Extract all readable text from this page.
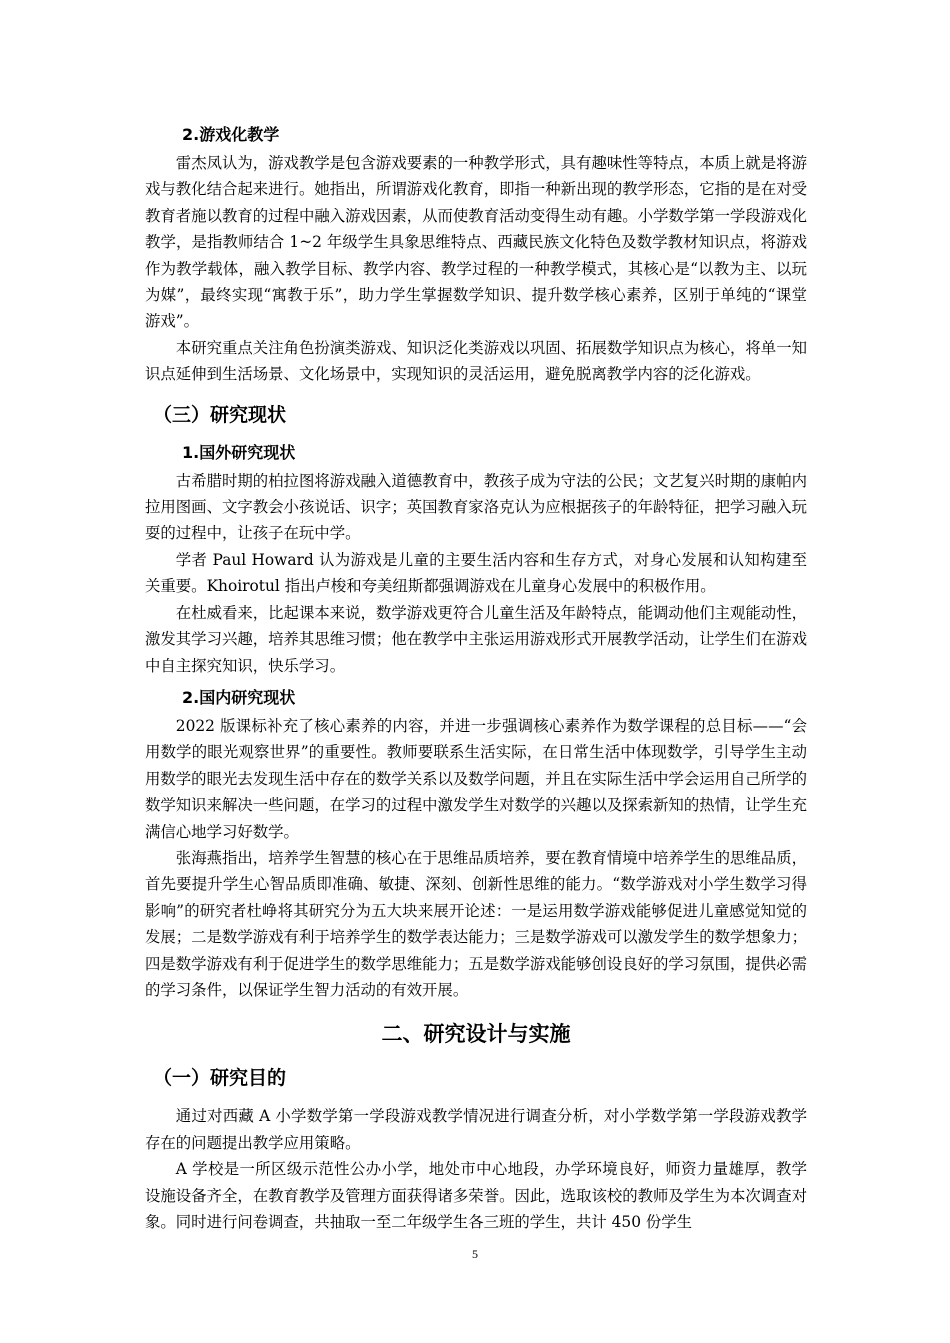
2.游戏化教学

雷杰凤认为，游戏教学是包含游戏要素的一种教学形式，具有趣味性等特点，本质上就是将游戏与教化结合起来进行。她指出，所谓游戏化教育，即指一种新出现的教学形态，它指的是在对受教育者施以教育的过程中融入游戏因素，从而使教育活动变得生动有趣。小学数学第一学段游戏化教学，是指教师结合 1~2 年级学生具象思维特点、西藏民族文化特色及数学教材知识点，将游戏作为教学载体，融入教学目标、教学内容、教学过程的一种教学模式，其核心是“以教为主、以玩为媒”，最终实现“寓教于乐”，助力学生掌握数学知识、提升数学核心素养，区别于单纯的“课堂游戏”。

本研究重点关注角色扮演类游戏、知识泛化类游戏以巩固、拓展数学知识点为核心，将单一知识点延伸到生活场景、文化场景中，实现知识的灵活运用，避免脱离教学内容的泛化游戏。

（三）研究现状
1.国外研究现状

古希腊时期的柏拉图将游戏融入道德教育中，教孩子成为守法的公民；文艺复兴时期的康帕内拉用图画、文字教会小孩说话、识字；英国教育家洛克认为应根据孩子的年龄特征，把学习融入玩耍的过程中，让孩子在玩中学。

学者 Paul Howard 认为游戏是儿童的主要生活内容和生存方式，对身心发展和认知构建至关重要。Khoirotul 指出卢梭和夸美纽斯都强调游戏在儿童身心发展中的积极作用。

在杜威看来，比起课本来说，数学游戏更符合儿童生活及年龄特点，能调动他们主观能动性，激发其学习兴趣，培养其思维习惯；他在教学中主张运用游戏形式开展教学活动，让学生们在游戏中自主探究知识，快乐学习。

2.国内研究现状

2022 版课标补充了核心素养的内容，并进一步强调核心素养作为数学课程的总目标——“会用数学的眼光观察世界”的重要性。教师要联系生活实际，在日常生活中体现数学，引导学生主动用数学的眼光去发现生活中存在的数学关系以及数学问题，并且在实际生活中学会运用自己所学的数学知识来解决一些问题，在学习的过程中激发学生对数学的兴趣以及探索新知的热情，让学生充满信心地学习好数学。

张海燕指出，培养学生智慧的核心在于思维品质培养，要在教育情境中培养学生的思维品质，首先要提升学生心智品质即准确、敏捷、深刻、创新性思维的能力。“数学游戏对小学生数学习得影响”的研究者杜峥将其研究分为五大块来展开论述：一是运用数学游戏能够促进儿童感觉知觉的发展；二是数学游戏有利于培养学生的数学表达能力；三是数学游戏可以激发学生的数学想象力；四是数学游戏有利于促进学生的数学思维能力；五是数学游戏能够创设良好的学习氛围，提供必需的学习条件，以保证学生智力活动的有效开展。

二、研究设计与实施
（一）研究目的

通过对西藏 A 小学数学第一学段游戏教学情况进行调查分析，对小学数学第一学段游戏教学存在的问题提出教学应用策略。

A 学校是一所区级示范性公办小学，地处市中心地段，办学环境良好，师资力量雄厚，教学设施设备齐全，在教育教学及管理方面获得诸多荣誉。因此，选取该校的教师及学生为本次调查对象。同时进行问卷调查，共抽取一至二年级学生各三班的学生，共计 450 份学生

5
